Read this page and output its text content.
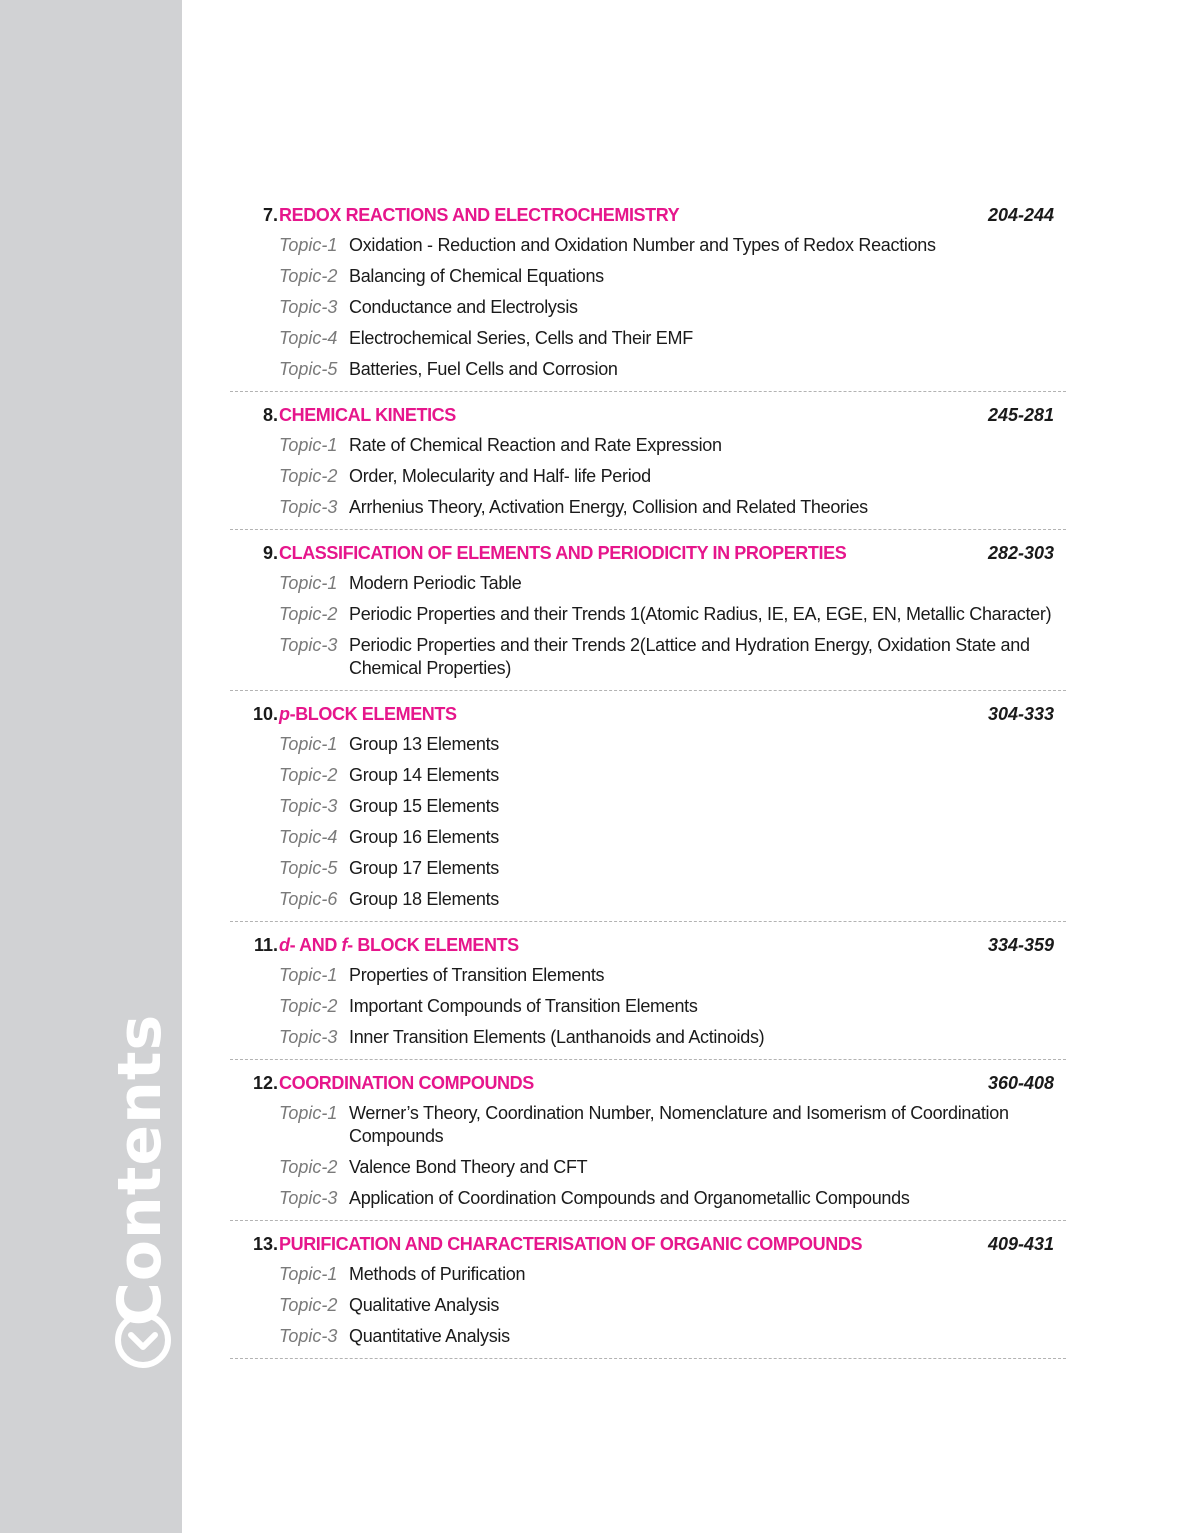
Contents
7. REDOX REACTIONS AND ELECTROCHEMISTRY	204-244
Topic-1 Oxidation - Reduction and Oxidation Number and Types of Redox Reactions
Topic-2 Balancing of Chemical Equations
Topic-3 Conductance and Electrolysis
Topic-4 Electrochemical Series, Cells and Their EMF
Topic-5 Batteries, Fuel Cells and Corrosion
8. CHEMICAL KINETICS	245-281
Topic-1 Rate of Chemical Reaction and Rate Expression
Topic-2 Order, Molecularity and Half- life Period
Topic-3 Arrhenius Theory, Activation Energy, Collision and Related Theories
9. CLASSIFICATION OF ELEMENTS AND PERIODICITY IN PROPERTIES	282-303
Topic-1 Modern Periodic Table
Topic-2 Periodic Properties and their Trends 1(Atomic Radius, IE, EA, EGE, EN, Metallic Character)
Topic-3 Periodic Properties and their Trends 2(Lattice and Hydration Energy, Oxidation State and Chemical Properties)
10. p-BLOCK ELEMENTS	304-333
Topic-1 Group 13 Elements
Topic-2 Group 14 Elements
Topic-3 Group 15 Elements
Topic-4 Group 16 Elements
Topic-5 Group 17 Elements
Topic-6 Group 18 Elements
11. d- AND f- BLOCK ELEMENTS	334-359
Topic-1 Properties of Transition Elements
Topic-2 Important Compounds of Transition Elements
Topic-3 Inner Transition Elements (Lanthanoids and Actinoids)
12. COORDINATION COMPOUNDS	360-408
Topic-1 Werner’s Theory, Coordination Number, Nomenclature and Isomerism of Coordination Compounds
Topic-2 Valence Bond Theory and CFT
Topic-3 Application of Coordination Compounds and Organometallic Compounds
13. PURIFICATION AND CHARACTERISATION OF ORGANIC COMPOUNDS	409-431
Topic-1 Methods of Purification
Topic-2 Qualitative Analysis
Topic-3 Quantitative Analysis
